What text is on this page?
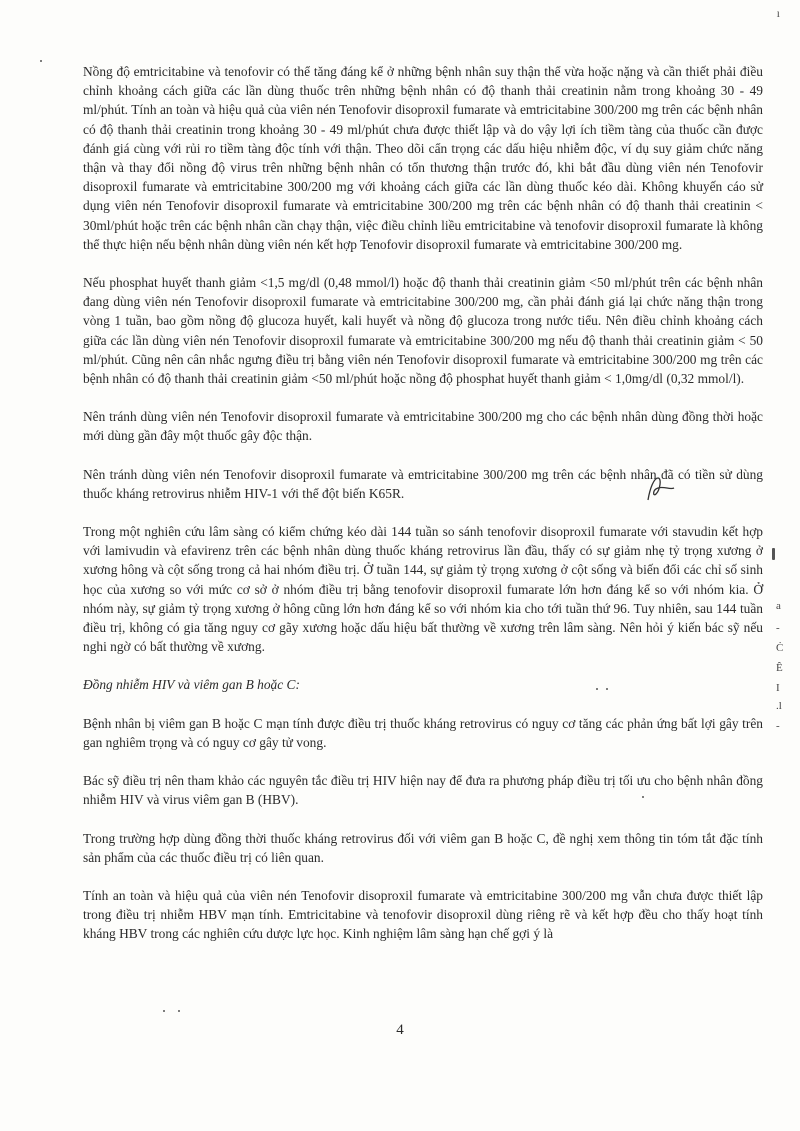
ı

Nồng độ emtricitabine và tenofovir có thể tăng đáng kể ở những bệnh nhân suy thận thể vừa hoặc nặng và cần thiết phải điều chỉnh khoảng cách giữa các lần dùng thuốc trên những bệnh nhân có độ thanh thải creatinin nằm trong khoảng 30 - 49 ml/phút. Tính an toàn và hiệu quả của viên nén Tenofovir disoproxil fumarate và emtricitabine 300/200 mg trên các bệnh nhân có độ thanh thải creatinin trong khoảng 30 - 49 ml/phút chưa được thiết lập và do vậy lợi ích tiềm tàng của thuốc cần được đánh giá cùng với rủi ro tiềm tàng độc tính với thận. Theo dõi cẩn trọng các dấu hiệu nhiễm độc, ví dụ suy giảm chức năng thận và thay đổi nồng độ virus trên những bệnh nhân có tổn thương thận trước đó, khi bắt đầu dùng viên nén Tenofovir disoproxil fumarate và emtricitabine 300/200 mg với khoảng cách giữa các lần dùng thuốc kéo dài. Không khuyến cáo sử dụng viên nén Tenofovir disoproxil fumarate và emtricitabine 300/200 mg trên các bệnh nhân có độ thanh thải creatinin < 30ml/phút hoặc trên các bệnh nhân cần chạy thận, việc điều chỉnh liều emtricitabine và tenofovir disoproxil fumarate là không thể thực hiện nếu bệnh nhân dùng viên nén kết hợp Tenofovir disoproxil fumarate và emtricitabine 300/200 mg.

Nếu phosphat huyết thanh giảm <1,5 mg/dl (0,48 mmol/l) hoặc độ thanh thải creatinin giảm <50 ml/phút trên các bệnh nhân đang dùng viên nén Tenofovir disoproxil fumarate và emtricitabine 300/200 mg, cần phải đánh giá lại chức năng thận trong vòng 1 tuần, bao gồm nồng độ glucoza huyết, kali huyết và nồng độ glucoza trong nước tiểu. Nên điều chỉnh khoảng cách giữa các lần dùng viên nén Tenofovir disoproxil fumarate và emtricitabine 300/200 mg nếu độ thanh thải creatinin giảm < 50 ml/phút. Cũng nên cân nhắc ngưng điều trị bằng viên nén Tenofovir disoproxil fumarate và emtricitabine 300/200 mg trên các bệnh nhân có độ thanh thải creatinin giảm <50 ml/phút hoặc nồng độ phosphat huyết thanh giảm < 1,0mg/dl (0,32 mmol/l).

Nên tránh dùng viên nén Tenofovir disoproxil fumarate và emtricitabine 300/200 mg cho các bệnh nhân dùng đồng thời hoặc mới dùng gần đây một thuốc gây độc thận.

Nên tránh dùng viên nén Tenofovir disoproxil fumarate và emtricitabine 300/200 mg trên các bệnh nhân đã có tiền sử dùng thuốc kháng retrovirus nhiễm HIV-1 với thể đột biến K65R.

Trong một nghiên cứu lâm sàng có kiểm chứng kéo dài 144 tuần so sánh tenofovir disoproxil fumarate với stavudin kết hợp với lamivudin và efavirenz trên các bệnh nhân dùng thuốc kháng retrovirus lần đầu, thấy có sự giảm nhẹ tỷ trọng xương ở xương hông và cột sống trong cả hai nhóm điều trị. Ở tuần 144, sự giảm tỷ trọng xương ở cột sống và biến đổi các chỉ số sinh học của xương so với mức cơ sở ở nhóm điều trị bằng tenofovir disoproxil fumarate lớn hơn đáng kể so với nhóm kia. Ở nhóm này, sự giảm tỷ trọng xương ở hông cũng lớn hơn đáng kể so với nhóm kia cho tới tuần thứ 96. Tuy nhiên, sau 144 tuần điều trị, không có gia tăng nguy cơ gãy xương hoặc dấu hiệu bất thường về xương trên lâm sàng. Nên hỏi ý kiến bác sỹ nếu nghi ngờ có bất thường về xương.

Đồng nhiễm HIV và viêm gan B hoặc C:

Bệnh nhân bị viêm gan B hoặc C mạn tính được điều trị thuốc kháng retrovirus có nguy cơ tăng các phản ứng bất lợi gây trên gan nghiêm trọng và có nguy cơ gây tử vong.

Bác sỹ điều trị nên tham khảo các nguyên tắc điều trị HIV hiện nay để đưa ra phương pháp điều trị tối ưu cho bệnh nhân đồng nhiễm HIV và virus viêm gan B (HBV).

Trong trường hợp dùng đồng thời thuốc kháng retrovirus đối với viêm gan B hoặc C, đề nghị xem thông tin tóm tắt đặc tính sản phẩm của các thuốc điều trị có liên quan.

Tính an toàn và hiệu quả của viên nén Tenofovir disoproxil fumarate và emtricitabine 300/200 mg vẫn chưa được thiết lập trong điều trị nhiễm HBV mạn tính. Emtricitabine và tenofovir disoproxil dùng riêng rẽ và kết hợp đều cho thấy hoạt tính kháng HBV trong các nghiên cứu dược lực học. Kinh nghiệm lâm sàng hạn chế gợi ý là

a
-
Ċ
Ê
I
.l
-
4
